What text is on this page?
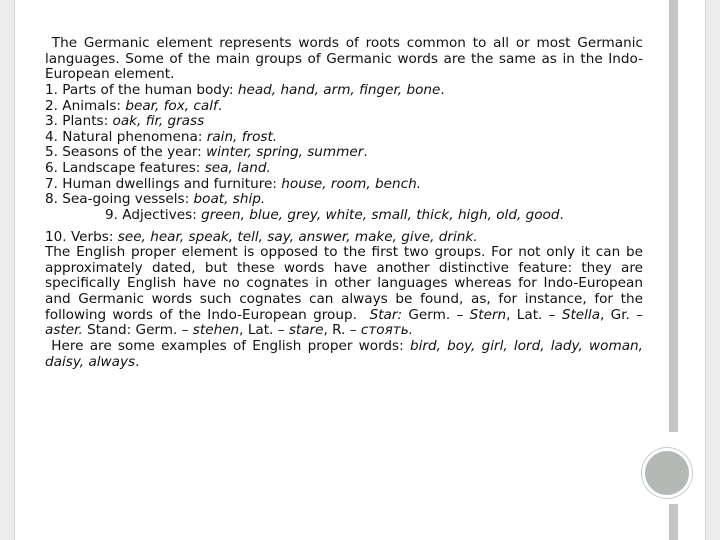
The Germanic element represents words of roots common to all or most Germanic languages. Some of the main groups of Germanic words are the same as in the Indo-European element.

1. Parts of the human body: head, hand, arm, finger, bone.

2. Animals: bear, fox, calf.

3. Plants: oak, fir, grass

4. Natural phenomena: rain, frost.

5. Seasons of the year: winter, spring, summer.

6. Landscape features: sea, land.

7. Human dwellings and furniture: house, room, bench.

8. Sea-going vessels: boat, ship.

9. Adjectives: green, blue, grey, white, small, thick, high, old, good.

10. Verbs: see, hear, speak, tell, say, answer, make, give, drink.

The English proper element is opposed to the first two groups. For not only it can be approximately dated, but these words have another distinctive feature: they are specifically English have no cognates in other languages whereas for Indo-European and Germanic words such cognates can always be found, as, for instance, for the following words of the Indo-European group. Star: Germ. – Stern, Lat. – Stella, Gr. – aster. Stand: Germ. – stehen, Lat. – stare, R. – стоять.

Here are some examples of English proper words: bird, boy, girl, lord, lady, woman, daisy, always.
